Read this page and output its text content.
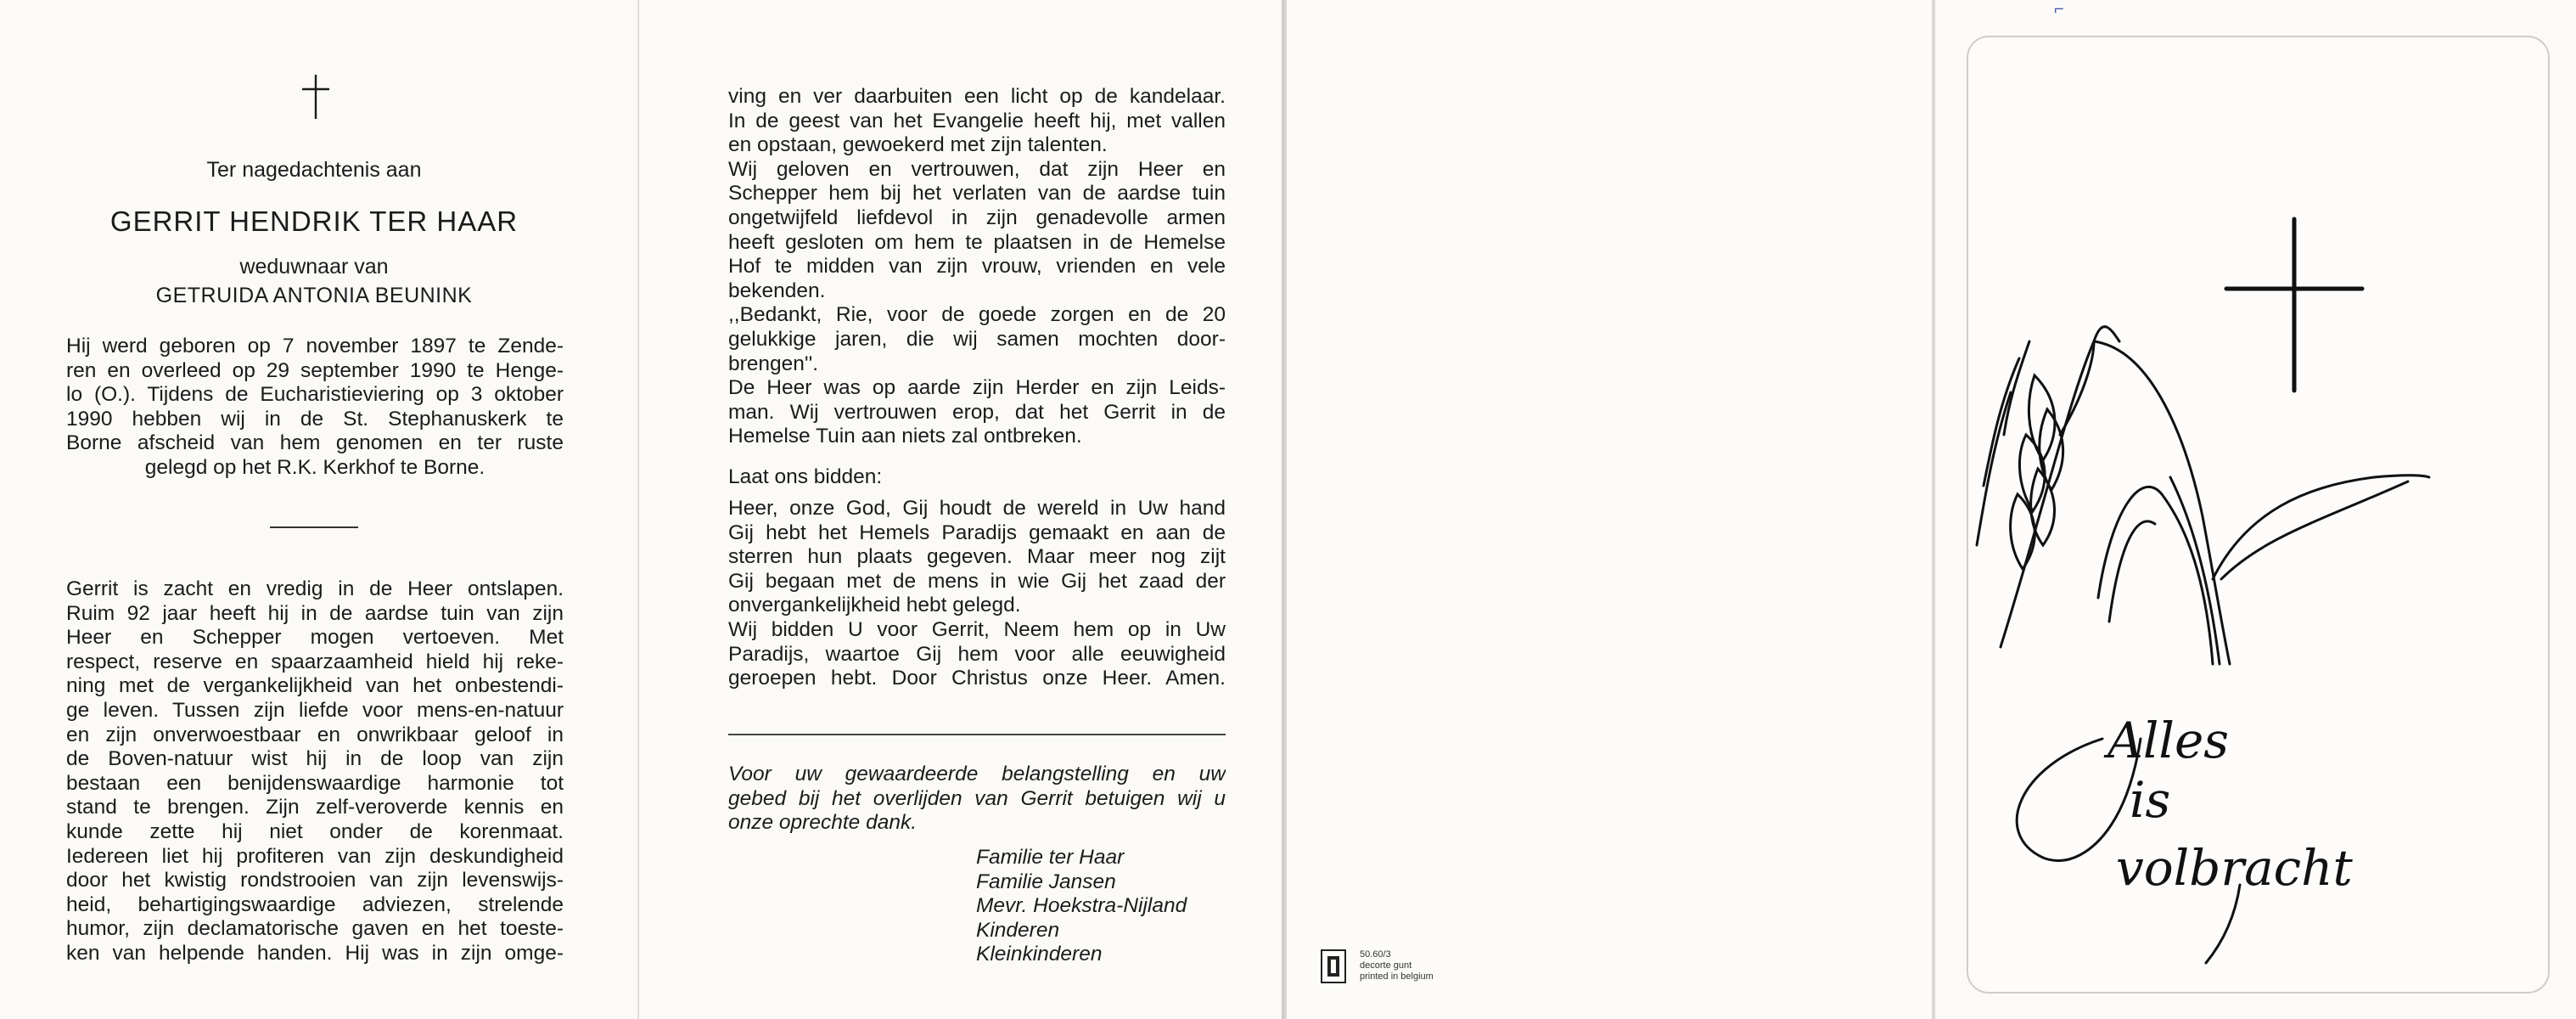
⌐
Ter nagedachtenis aan
GERRIT HENDRIK TER HAAR
weduwnaar van
GETRUIDA ANTONIA BEUNINK
Hij werd geboren op 7 november 1897 te Zende-
ren en overleed op 29 september 1990 te Henge-
lo (O.). Tijdens de Eucharistieviering op 3 oktober
1990 hebben wij in de St. Stephanuskerk te
Borne afscheid van hem genomen en ter ruste
gelegd op het R.K. Kerkhof te Borne.
Gerrit is zacht en vredig in de Heer ontslapen.
Ruim 92 jaar heeft hij in de aardse tuin van zijn
Heer en Schepper mogen vertoeven. Met
respect, reserve en spaarzaamheid hield hij reke-
ning met de vergankelijkheid van het onbestendi-
ge leven. Tussen zijn liefde voor mens-en-natuur
en zijn onverwoestbaar en onwrikbaar geloof in
de Boven-natuur wist hij in de loop van zijn
bestaan een benijdenswaardige harmonie tot
stand te brengen. Zijn zelf-veroverde kennis en
kunde zette hij niet onder de korenmaat.
Iedereen liet hij profiteren van zijn deskundigheid
door het kwistig rondstrooien van zijn levenswijs-
heid, behartigingswaardige adviezen, strelende
humor, zijn declamatorische gaven en het toeste-
ken van helpende handen. Hij was in zijn omge-
ving en ver daarbuiten een licht op de kandelaar.
In de geest van het Evangelie heeft hij, met vallen
en opstaan, gewoekerd met zijn talenten.
Wij geloven en vertrouwen, dat zijn Heer en
Schepper hem bij het verlaten van de aardse tuin
ongetwijfeld liefdevol in zijn genadevolle armen
heeft gesloten om hem te plaatsen in de Hemelse
Hof te midden van zijn vrouw, vrienden en vele
bekenden.
,,Bedankt, Rie, voor de goede zorgen en de 20
gelukkige jaren, die wij samen mochten door-
brengen''.
De Heer was op aarde zijn Herder en zijn Leids-
man. Wij vertrouwen erop, dat het Gerrit in de
Hemelse Tuin aan niets zal ontbreken.
Laat ons bidden:
Heer, onze God, Gij houdt de wereld in Uw hand
Gij hebt het Hemels Paradijs gemaakt en aan de
sterren hun plaats gegeven. Maar meer nog zijt
Gij begaan met de mens in wie Gij het zaad der
onvergankelijkheid hebt gelegd.
Wij bidden U voor Gerrit, Neem hem op in Uw
Paradijs, waartoe Gij hem voor alle eeuwigheid
geroepen hebt. Door Christus onze Heer. Amen.
Voor uw gewaardeerde belangstelling en uw
gebed bij het overlijden van Gerrit betuigen wij u
onze oprechte dank.
Familie ter Haar
Familie Jansen
Mevr. Hoekstra-Nijland
Kinderen
Kleinkinderen	50.60/3
decorte gunt
printed in belgium
Alles
is
volbracht
